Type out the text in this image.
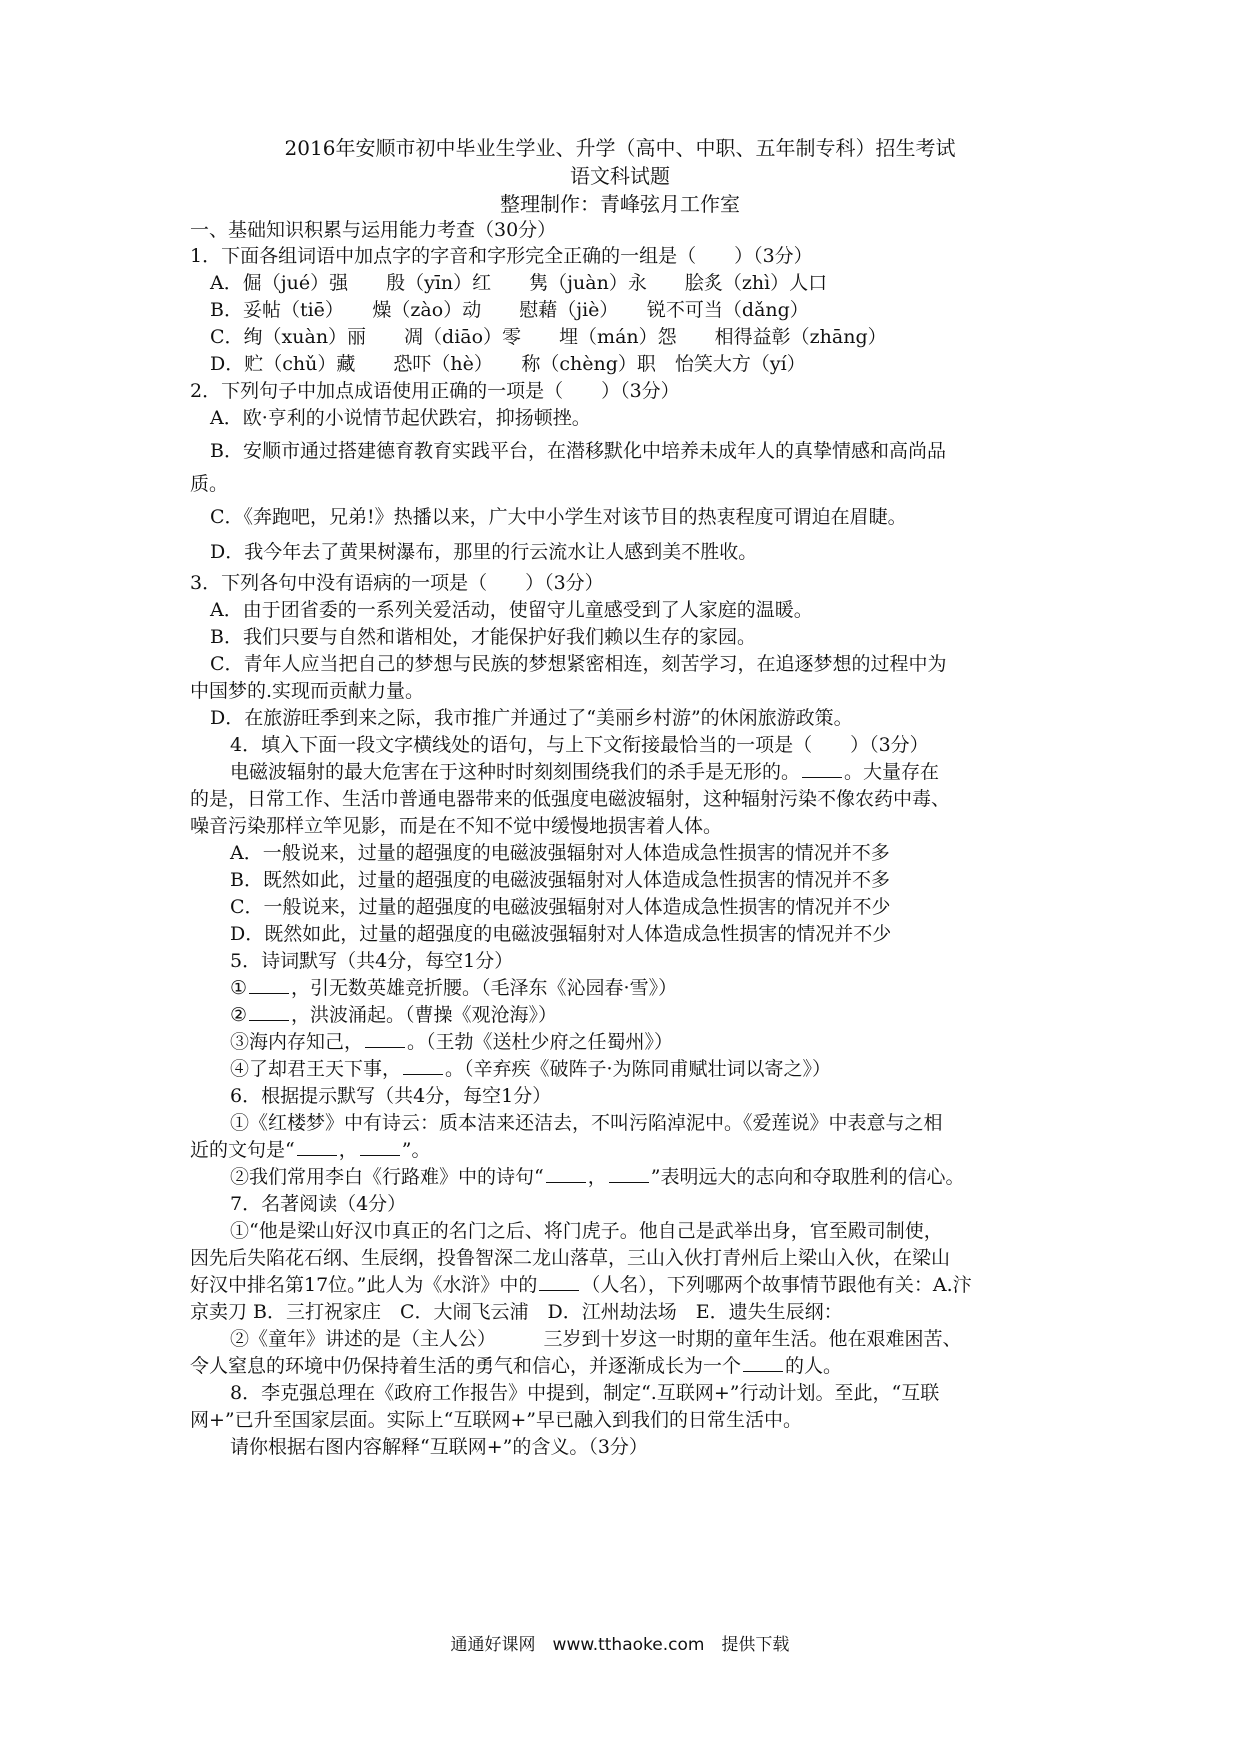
2016年安顺市初中毕业生学业、升学（高中、中职、五年制专科）招生考试
语文科试题
整理制作：青峰弦月工作室
一、基础知识积累与运用能力考查（30分）
1．下面各组词语中加点字的字音和字形完全正确的一组是（　　）（3分）
A．倔（jué）强　　殷（yīn）红　　隽（juàn）永　　脍炙（zhì）人口
B．妥帖（tiē）　　燥（zào）动　　慰藉（jiè）　　锐不可当（dǎng）
C．绚（xuàn）丽　　凋（diāo）零　　埋（mán）怨　　相得益彰（zhāng）
D．贮（chǔ）藏　　恐吓（hè）　　称（chèng）职　怡笑大方（yí）
2．下列句子中加点成语使用正确的一项是（　　）（3分）
A．欧·亨利的小说情节起伏跌宕，抑扬顿挫。
B．安顺市通过搭建德育教育实践平台，在潜移默化中培养未成年人的真挚情感和高尚品
质。
C．《奔跑吧，兄弟!》热播以来，广大中小学生对该节目的热衷程度可谓迫在眉睫。
D．我今年去了黄果树瀑布，那里的行云流水让人感到美不胜收。
3．下列各句中没有语病的一项是（　　）（3分）
A．由于团省委的一系列关爱活动，使留守儿童感受到了人家庭的温暖。
B．我们只要与自然和谐相处，才能保护好我们赖以生存的家园。
C．青年人应当把自己的梦想与民族的梦想紧密相连，刻苦学习，在追逐梦想的过程中为
中国梦的.实现而贡献力量。
D．在旅游旺季到来之际，我市推广并通过了“美丽乡村游”的休闲旅游政策。
4．填入下面一段文字横线处的语句，与上下文衔接最恰当的一项是（　　）（3分）
电磁波辐射的最大危害在于这种时时刻刻围绕我们的杀手是无形的。 。大量存在
的是，日常工作、生活巾普通电器带来的低强度电磁波辐射，这种辐射污染不像农药中毒、
噪音污染那样立竿见影，而是在不知不觉中缓慢地损害着人体。
A．一般说来，过量的超强度的电磁波强辐射对人体造成急性损害的情况并不多
B．既然如此，过量的超强度的电磁波强辐射对人体造成急性损害的情况并不多
C．一般说来，过量的超强度的电磁波强辐射对人体造成急性损害的情况并不少
D．既然如此，过量的超强度的电磁波强辐射对人体造成急性损害的情况并不少
5．诗词默写（共4分，每空1分）
① ，引无数英雄竞折腰。（毛泽东《沁园春·雪》）
② ，洪波涌起。（曹操《观沧海》）
③海内存知己， 。（王勃《送杜少府之任蜀州》）
④了却君王天下事， 。（辛弃疾《破阵子·为陈同甫赋壮词以寄之》）
6．根据提示默写（共4分，每空1分）
①《红楼梦》中有诗云：质本洁来还洁去，不叫污陷淖泥中。《爱莲说》中表意与之相
近的文句是“ ， ”。
②我们常用李白《行路难》中的诗句“ ， ”表明远大的志向和夺取胜利的信心。
7．名著阅读（4分）
①“他是梁山好汉巾真正的名门之后、将门虎子。他自己是武举出身，官至殿司制使，
因先后失陷花石纲、生辰纲，投鲁智深二龙山落草，三山入伙打青州后上梁山入伙，在梁山
好汉中排名第17位。”此人为《水浒》中的 （人名），下列哪两个故事情节跟他有关：A.汴
京卖刀 B．三打祝家庄　C．大闹飞云浦　D．江州劫法场　E．遗失生辰纲：
②《童年》讲述的是（主人公）　　　三岁到十岁这一时期的童年生活。他在艰难困苦、
令人窒息的环境中仍保持着生活的勇气和信心，并逐渐成长为一个 的人。
8．李克强总理在《政府工作报告》中提到，制定“.互联网+”行动计划。至此，“互联
网+”已升至国家层面。实际上“互联网+”早已融入到我们的日常生活中。
请你根据右图内容解释“互联网+”的含义。（3分）
通通好课网　www.tthaoke.com　提供下载
